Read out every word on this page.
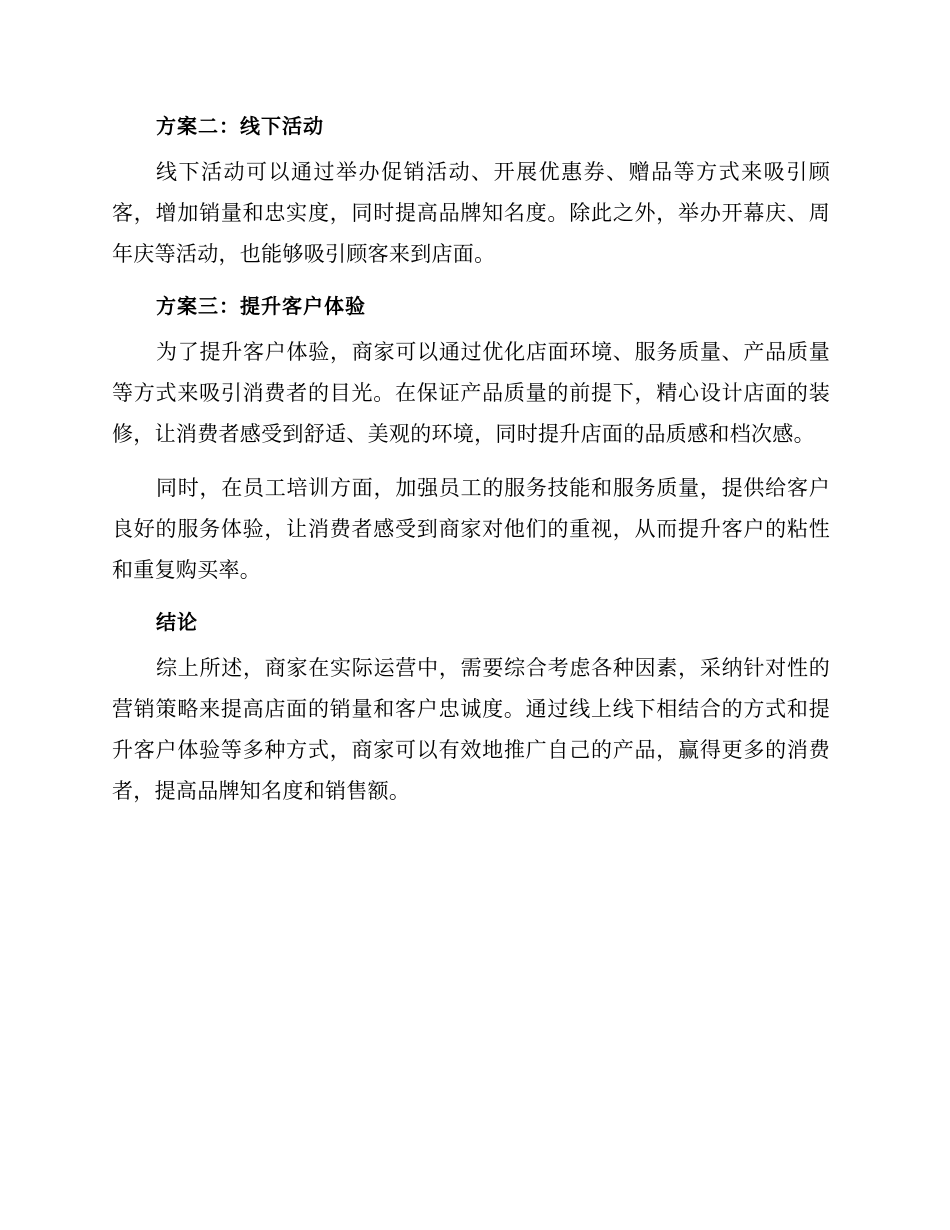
方案二：线下活动

线下活动可以通过举办促销活动、开展优惠券、赠品等方式来吸引顾客，增加销量和忠实度，同时提高品牌知名度。除此之外，举办开幕庆、周年庆等活动，也能够吸引顾客来到店面。

方案三：提升客户体验

为了提升客户体验，商家可以通过优化店面环境、服务质量、产品质量等方式来吸引消费者的目光。在保证产品质量的前提下，精心设计店面的装修，让消费者感受到舒适、美观的环境，同时提升店面的品质感和档次感。

同时，在员工培训方面，加强员工的服务技能和服务质量，提供给客户良好的服务体验，让消费者感受到商家对他们的重视，从而提升客户的粘性和重复购买率。

结论

综上所述，商家在实际运营中，需要综合考虑各种因素，采纳针对性的营销策略来提高店面的销量和客户忠诚度。通过线上线下相结合的方式和提升客户体验等多种方式，商家可以有效地推广自己的产品，赢得更多的消费者，提高品牌知名度和销售额。
